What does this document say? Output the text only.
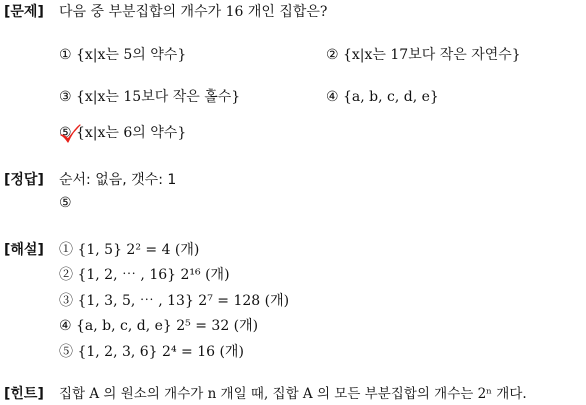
[문제] 다음 중 부분집합의 개수가 16 개인 집합은?
① {x|x는 5의 약수}	② {x|x는 17보다 작은 자연수}
③ {x|x는 15보다 작은 홀수}	④ {a, b, c, d, e}
⑤ {x|x는 6의 약수}
[정답] 순서: 없음, 갯수: 1
⑤
[해설] ① {1, 5} 2² = 4 (개)
② {1, 2, ⋯ , 16} 2¹⁶ (개)
③ {1, 3, 5, ⋯ , 13} 2⁷ = 128 (개)
④ {a, b, c, d, e} 2⁵ = 32 (개)
⑤ {1, 2, 3, 6} 2⁴ = 16 (개)
[힌트] 집합 A 의 원소의 개수가 n 개일 때, 집합 A 의 모든 부분집합의 개수는 2ⁿ 개다.
